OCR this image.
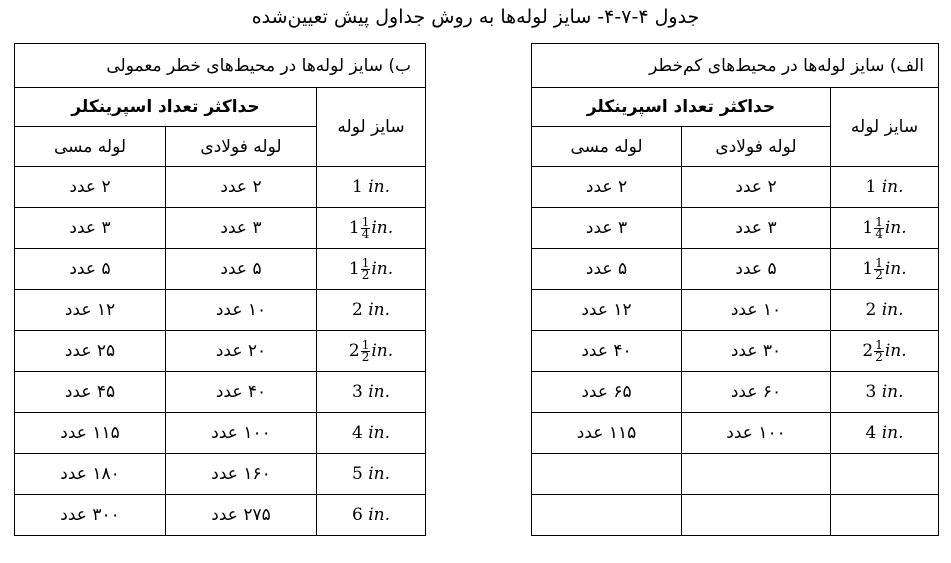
جدول ۴-۷-۴- سایز لوله‌ها به روش جداول پیش تعیین‌شده
ب) سایز لوله‌ها در محیط‌های خطر معمولی		
حداکثر تعداد اسپرینکلر		سایز لوله
لوله مسی	لوله فولادی	
۲ عدد	۲ عدد	1 in.
۳ عدد	۳ عدد	$1 \frac{1}{4}$ in.
۵ عدد	۵ عدد	$1 \frac{1}{2}$ in.
۱۲ عدد	۱۰ عدد	2 in.
۲۵ عدد	۲۰ عدد	$2 \frac{1}{2}$ in.
۴۵ عدد	۴۰ عدد	3 in.
۱۱۵ عدد	۱۰۰ عدد	4 in.
۱۸۰ عدد	۱۶۰ عدد	5 in.
۳۰۰ عدد	۲۷۵ عدد	6 in.
الف) سایز لوله‌ها در محیط‌های کم‌خطر		
حداکثر تعداد اسپرینکلر		سایز لوله
لوله مسی	لوله فولادی	
۲ عدد	۲ عدد	1 in.
۳ عدد	۳ عدد	$1 \frac{1}{4}$ in.
۵ عدد	۵ عدد	$1 \frac{1}{2}$ in.
۱۲ عدد	۱۰ عدد	2 in.
۴۰ عدد	۳۰ عدد	$2 \frac{1}{2}$ in.
۶۵ عدد	۶۰ عدد	3 in.
۱۱۵ عدد	۱۰۰ عدد	4 in.
